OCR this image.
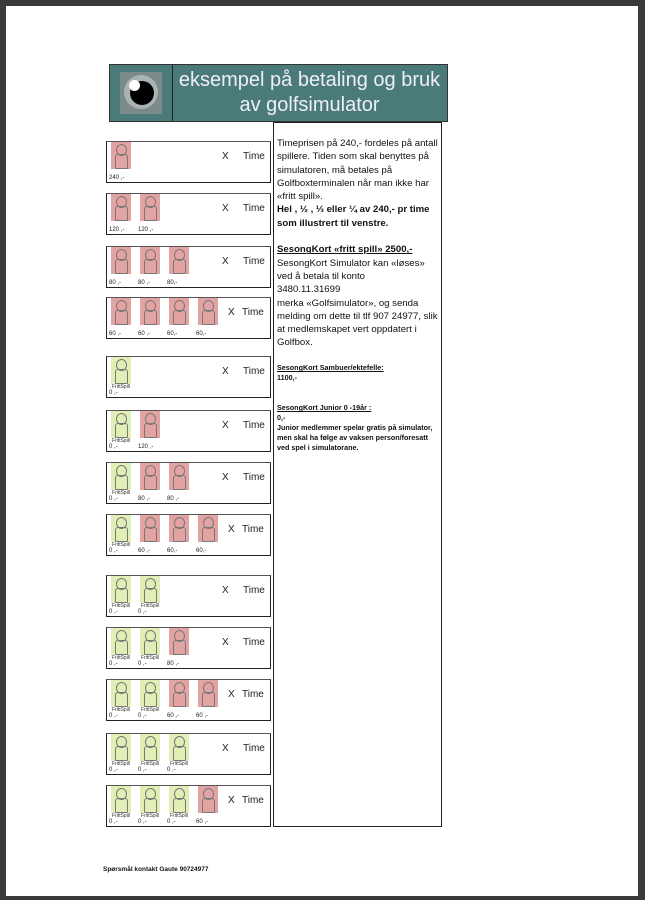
eksempel på betaling og bruk av golfsimulator
240 ,-
X Time
120 ,- 120 ,-
X Time
80 ,-	80 ,-	80,-
X Time
60 ,-	60 ,-	60,-	60,-
X Time
FrittSpill
0 ,-
X Time
FrittSpill
0 ,-	120 ,-
X Time
FrittSpill
0 ,-	80 ,-	80 ,-
X Time
FrittSpill
0 ,-	60 ,-	60,-	60,-
X Time
FrittSpill
0 ,-
FrittSpill
0 ,-
X Time
FrittSpill
0 ,-
FrittSpill
0 ,-	80 ,-
X Time
FrittSpill
0 ,-
FrittSpill
0 ,-	60 ,-	60 ,-
X Time
FrittSpill
0 ,-
FrittSpill
0 ,-
FrittSpill
0 ,-
X Time
FrittSpill
0 ,-
FrittSpill
0 ,-
FrittSpill
0 ,-	60 ,-
X Time

Timeprisen på 240,- fordeles på antall spillere. Tiden som skal benyttes på simulatoren, må betales på Golfboxterminalen når man ikke har «fritt spill».

Hel , ½ , ⅓ eller ¼ av 240,- pr time som illustrert til venstre.

SesongKort «fritt spill» 2500,-

SesongKort Simulator kan «løses» ved å betala til konto

3480.11.31699

merka «Golfsimulator», og senda melding om dette til tlf 907 24977, slik at medlemskapet vert oppdatert i Golfbox.

SesongKort Sambuer/ektefelle:

1100,-

SesongKort Junior 0 -19år :

0,-

Junior medlemmer spelar gratis på simulator, men skal ha følge av vaksen person/foresatt ved spel i simulatorane.

Spørsmål kontakt Gaute 90724977
